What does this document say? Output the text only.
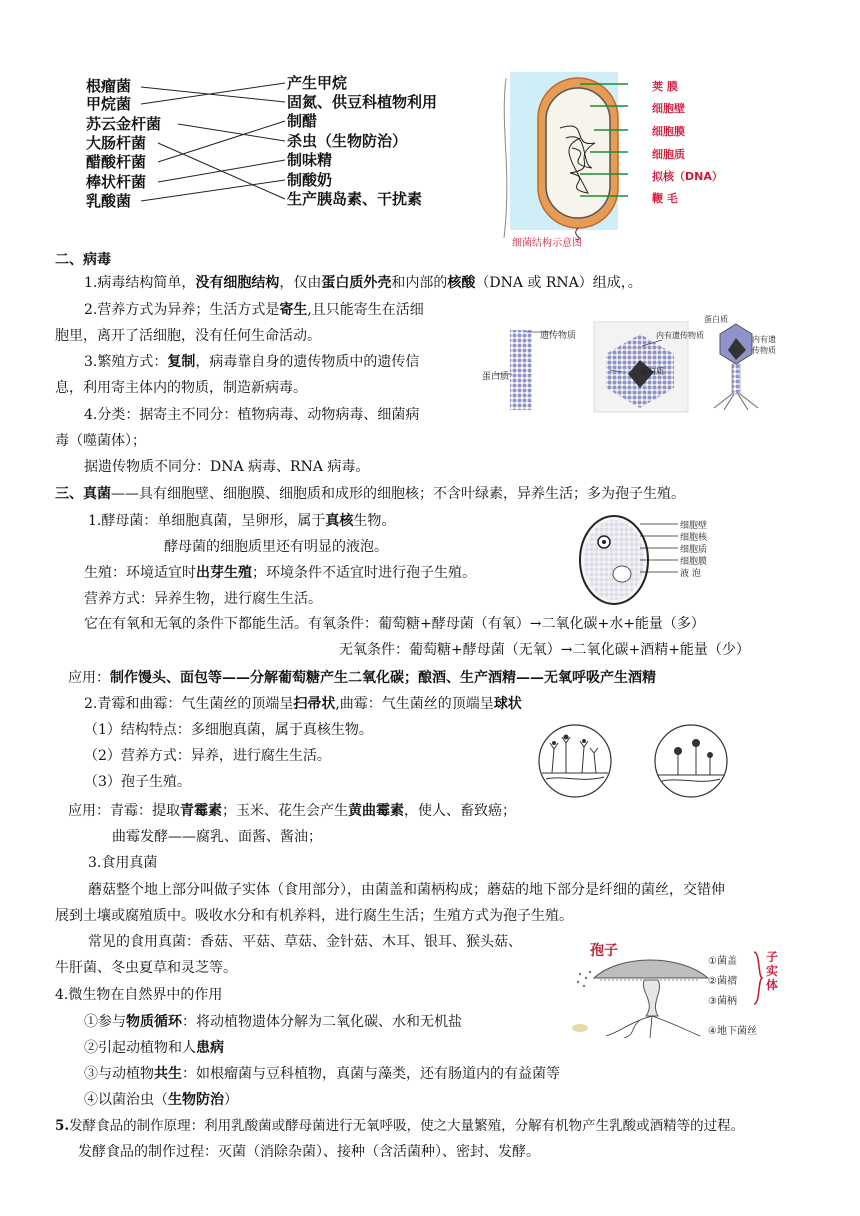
根瘤菌
甲烷菌
苏云金杆菌
大肠杆菌
醋酸杆菌
棒状杆菌
乳酸菌
产生甲烷
固氮、供豆科植物利用
制醋
杀虫（生物防治）
制味精
制酸奶
生产胰岛素、干扰素
荚 膜
细胞壁
细胞膜
细胞质
拟核（DNA）
鞭 毛
细菌结构示意图
二、病毒
1.病毒结构简单，没有细胞结构，仅由蛋白质外壳和内部的核酸（DNA 或 RNA）组成，。
2.营养方式为异养；生活方式是寄生,且只能寄生在活细
胞里，离开了活细胞，没有任何生命活动。
3.繁殖方式：复制，病毒靠自身的遗传物质中的遗传信
息，利用寄主体内的物质，制造新病毒。
4.分类：据寄主不同分：植物病毒、动物病毒、细菌病
毒（噬菌体）；
据遗传物质不同分：DNA 病毒、RNA 病毒。
遗传物质
蛋白质
内有遗传物质
蛋白质
蛋白质
内有遗传物质
三、真菌——具有细胞壁、细胞膜、细胞质和成形的细胞核；不含叶绿素，异养生活；多为孢子生殖。
1.酵母菌：单细胞真菌，呈卵形，属于真核生物。
酵母菌的细胞质里还有明显的液泡。
生殖：环境适宜时出芽生殖；环境条件不适宜时进行孢子生殖。
营养方式：异养生物，进行腐生生活。
它在有氧和无氧的条件下都能生活。有氧条件：葡萄糖+酵母菌（有氧）→二氧化碳+水+能量（多）
无氧条件：葡萄糖+酵母菌（无氧）→二氧化碳+酒精+能量（少）
应用：制作馒头、面包等——分解葡萄糖产生二氧化碳；酿酒、生产酒精——无氧呼吸产生酒精
细胞壁
细胞核
细胞质
细胞膜
液 泡
2.青霉和曲霉：气生菌丝的顶端呈扫帚状,曲霉：气生菌丝的顶端呈球状
（1）结构特点：多细胞真菌，属于真核生物。
（2）营养方式：异养，进行腐生生活。
（3）孢子生殖。
应用：青霉：提取青霉素；玉米、花生会产生黄曲霉素，使人、畜致癌；
曲霉发酵——腐乳、面酱、酱油；
3.食用真菌
蘑菇整个地上部分叫做子实体（食用部分），由菌盖和菌柄构成；蘑菇的地下部分是纤细的菌丝，交错伸
展到土壤或腐殖质中。吸收水分和有机养料，进行腐生生活；生殖方式为孢子生殖。
常见的食用真菌：香菇、平菇、草菇、金针菇、木耳、银耳、猴头菇、
牛肝菌、冬虫夏草和灵芝等。
孢子
①菌盖
②菌褶
③菌柄
④地下菌丝
子
实
体
4.微生物在自然界中的作用
①参与物质循环：将动植物遗体分解为二氧化碳、水和无机盐
②引起动植物和人患病
③与动植物共生：如根瘤菌与豆科植物，真菌与藻类，还有肠道内的有益菌等
④以菌治虫（生物防治）
5.发酵食品的制作原理：利用乳酸菌或酵母菌进行无氧呼吸，使之大量繁殖，分解有机物产生乳酸或酒精等的过程。
发酵食品的制作过程：灭菌（消除杂菌）、接种（含活菌种）、密封、发酵。
